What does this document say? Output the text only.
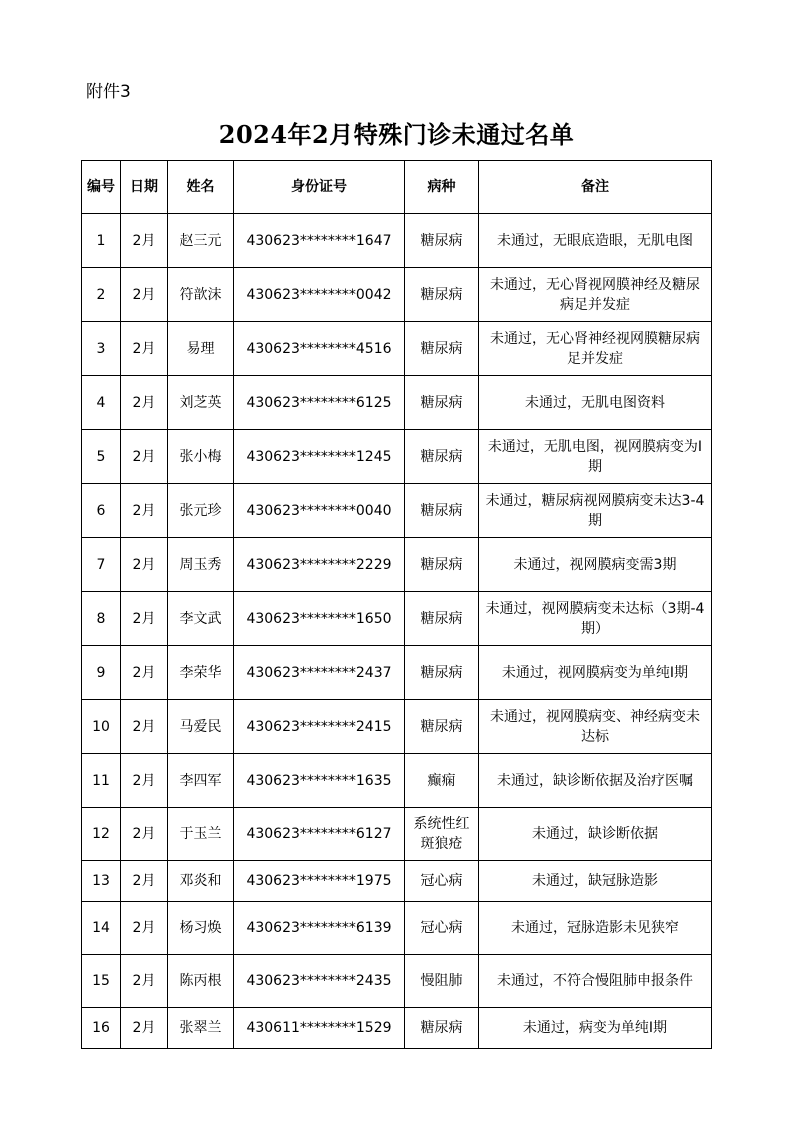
附件3
2024年2月特殊门诊未通过名单
编号	日期	姓名	身份证号	病种	备注
1	2月	赵三元	430623********1647	糖尿病	未通过，无眼底造眼，无肌电图
2	2月	符歆沫	430623********0042	糖尿病	未通过，无心肾视网膜神经及糖尿病足并发症
3	2月	易理	430623********4516	糖尿病	未通过，无心肾神经视网膜糖尿病足并发症
4	2月	刘芝英	430623********6125	糖尿病	未通过，无肌电图资料
5	2月	张小梅	430623********1245	糖尿病	未通过，无肌电图，视网膜病变为Ⅰ期
6	2月	张元珍	430623********0040	糖尿病	未通过，糖尿病视网膜病变未达3-4期
7	2月	周玉秀	430623********2229	糖尿病	未通过，视网膜病变需3期
8	2月	李文武	430623********1650	糖尿病	未通过，视网膜病变未达标（3期-4期）
9	2月	李荣华	430623********2437	糖尿病	未通过，视网膜病变为单纯Ⅰ期
10	2月	马爱民	430623********2415	糖尿病	未通过，视网膜病变、神经病变未达标
11	2月	李四军	430623********1635	癫痫	未通过，缺诊断依据及治疗医嘱
12	2月	于玉兰	430623********6127	系统性红斑狼疮	未通过，缺诊断依据
13	2月	邓炎和	430623********1975	冠心病	未通过，缺冠脉造影
14	2月	杨习焕	430623********6139	冠心病	未通过，冠脉造影未见狭窄
15	2月	陈丙根	430623********2435	慢阻肺	未通过，不符合慢阻肺申报条件
16	2月	张翠兰	430611********1529	糖尿病	未通过，病变为单纯Ⅰ期
